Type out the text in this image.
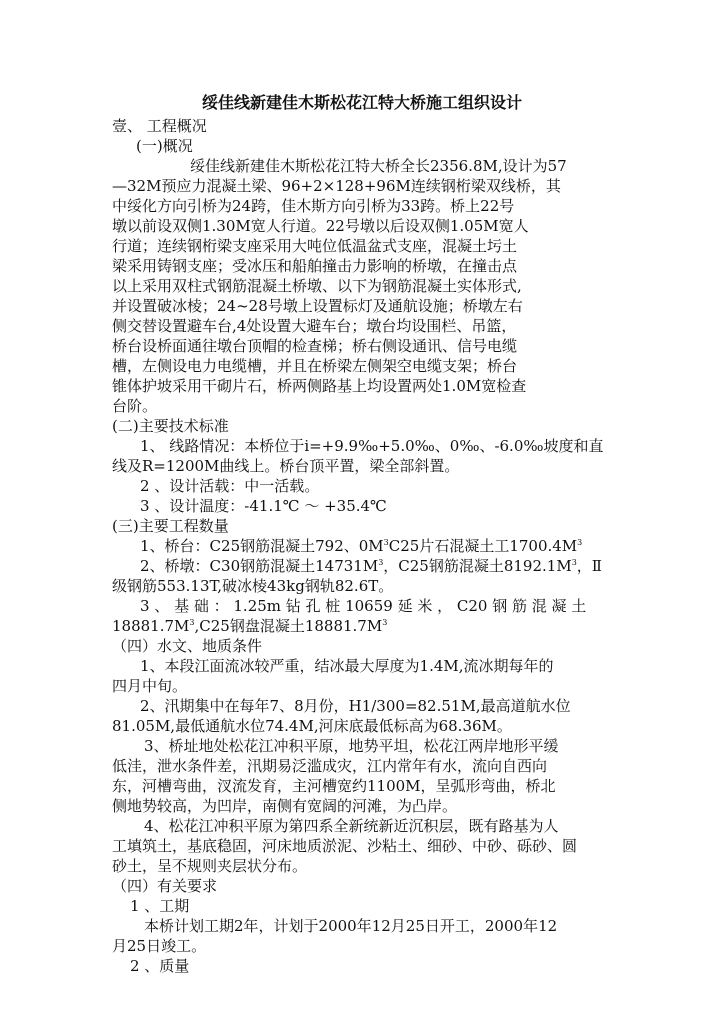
绥佳线新建佳木斯松花江特大桥施工组织设计
壹、 工程概况
(一)概况
绥佳线新建佳木斯松花江特大桥全长2356.8M,设计为57
—32M预应力混凝土梁、96+2×128+96M连续钢桁梁双线桥，其
中绥化方向引桥为24跨，佳木斯方向引桥为33跨。桥上22号
墩以前设双侧1.30M宽人行道。22号墩以后设双侧1.05M宽人
行道；连续钢桁梁支座采用大吨位低温盆式支座，混凝土圬土
梁采用铸钢支座；受冰压和船舶撞击力影响的桥墩，在撞击点
以上采用双柱式钢筋混凝土桥墩、以下为钢筋混凝土实体形式,
并设置破冰棱；24~28号墩上设置标灯及通航设施；桥墩左右
侧交替设置避车台,4处设置大避车台；墩台均设围栏、吊篮，
桥台设桥面通往墩台顶帽的检查梯；桥右侧设通讯、信号电缆
槽，左侧设电力电缆槽，并且在桥梁左侧架空电缆支架；桥台
锥体护坡采用干砌片石，桥两侧路基上均设置两处1.0M宽检查
台阶。
(二)主要技术标准
1、 线路情况：本桥位于i=+9.9‰+5.0‰、0‰、-6.0‰坡度和直
线及R=1200M曲线上。桥台顶平置，梁全部斜置。
2 、设计活载：中一活载。
3 、设计温度：-41.1℃ ～ +35.4℃
(三)主要工程数量
1、桥台：C25钢筋混凝土792、$0M^3C25$片石混凝土工$1700.4M^3$
2、桥墩：C30钢筋混凝土$14731M^3$，C25钢筋混凝土$8192.1M^3$，Ⅱ
级钢筋553.13T,破冰棱43kg钢轨82.6T。
3 、 基 础 ： 1.25m 钻 孔 桩 10659 延 米 ， C20 钢 筋 混 凝 土
$18881.7M^3,C25$钢盘混凝土$18881.7M^3$
（四）水文、地质条件
1、本段江面流冰较严重，结冰最大厚度为1.4M,流冰期每年的
四月中旬。
2、汛期集中在每年7、8月份，H1/300=82.51M,最高道航水位
81.05M,最低通航水位74.4M,河床底最低标高为68.36M。
3、桥址地处松花江冲积平原，地势平坦，松花江两岸地形平缓
低洼，泄水条件差，汛期易泛滥成灾，江内常年有水，流向自西向
东，河槽弯曲，汊流发育，主河槽宽约1100M，呈弧形弯曲，桥北
侧地势较高，为凹岸，南侧有宽阔的河滩，为凸岸。
4、松花江冲积平原为第四系全新统新近沉积层，既有路基为人
工填筑土，基底稳固，河床地质淤泥、沙粘土、细砂、中砂、砾砂、圆
砂土，呈不规则夹层状分布。
（四）有关要求
1 、工期
本桥计划工期2年，计划于2000年12月25日开工，2000年12
月25日竣工。
2 、质量
